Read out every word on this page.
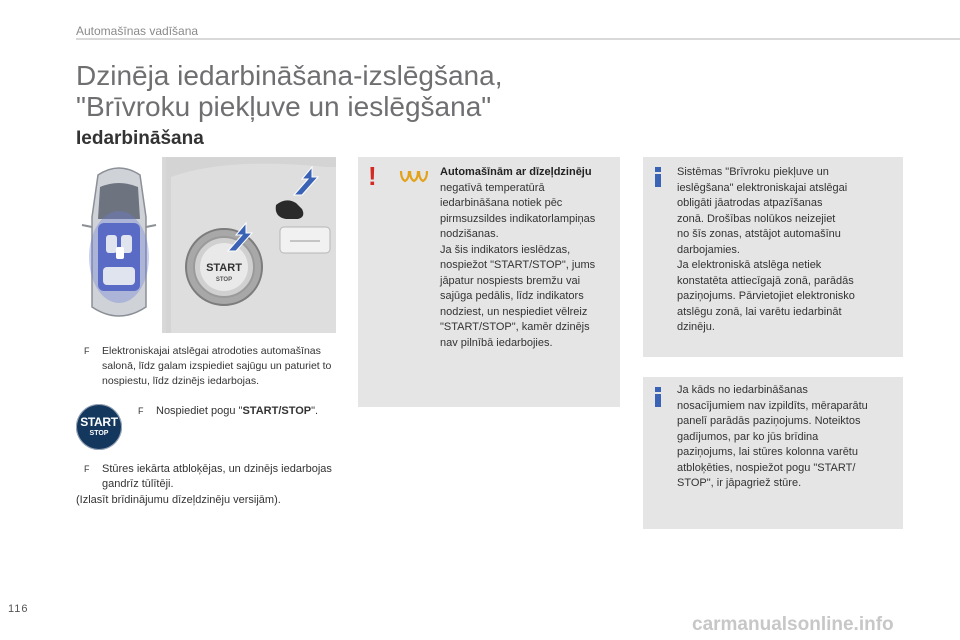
Automašīnas vadīšana
Dzinēja iedarbināšana-izslēgšana,
"Brīvroku piekļuve un ieslēgšana"
Iedarbināšana
START
STOP
F Elektroniskajai atslēgai atrodoties automašīnas salonā, līdz galam izspiediet sajūgu un paturiet to nospiestu, līdz dzinējs iedarbojas.
START
STOP
F Nospiediet pogu "START/STOP".
F Stūres iekārta atbloķējas, un dzinējs iedarbojas gandrīz tūlītēji.
(Izlasīt brīdinājumu dīzeļdzinēju versijām).
!	Automašīnām ar dīzeļdzinēju
negatīvā temperatūrā
iedarbināšana notiek pēc
pirmsuzsildes indikatorlampiņas
nodzišanas.
Ja šis indikators ieslēdzas,
nospiežot "START/STOP", jums
jāpatur nospiests bremžu vai
sajūga pedālis, līdz indikators
nodziest, un nespiediet vēlreiz
"START/STOP", kamēr dzinējs
nav pilnībā iedarbojies.
Sistēmas "Brīvroku piekļuve un
ieslēgšana" elektroniskajai atslēgai
obligāti jāatrodas atpazīšanas
zonā. Drošības nolūkos neizejiet
no šīs zonas, atstājot automašīnu
darbojamies.
Ja elektroniskā atslēga netiek
konstatēta attiecīgajā zonā, parādās
paziņojums. Pārvietojiet elektronisko
atslēgu zonā, lai varētu iedarbināt
dzinēju.
Ja kāds no iedarbināšanas
nosacījumiem nav izpildīts, mēraparātu
panelī parādās paziņojums. Noteiktos
gadījumos, par ko jūs brīdina
paziņojums, lai stūres kolonna varētu
atbloķēties, nospiežot pogu "START/
STOP", ir jāpagriež stūre.
116
carmanualsonline.info
